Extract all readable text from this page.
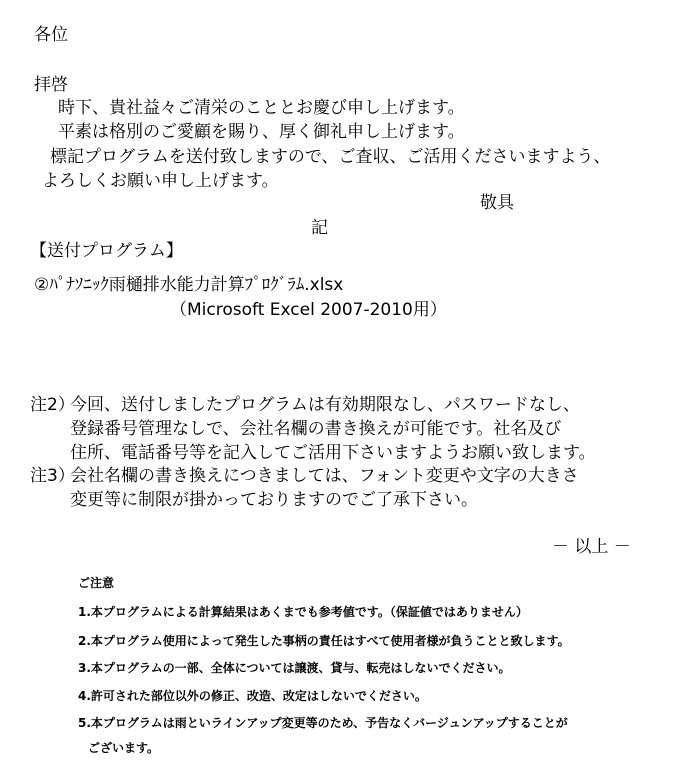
各位
拝啓
時下、貴社益々ご清栄のこととお慶び申し上げます。
平素は格別のご愛顧を賜り、厚く御礼申し上げます。
標記プログラムを送付致しますので、ご査収、ご活用くださいますよう、
よろしくお願い申し上げます。
敬具
記
【送付プログラム】
②ﾊﾟﾅｿﾆｯｸ雨樋排水能力計算ﾌﾟﾛｸﾞﾗﾑ.xlsx
（Microsoft Excel 2007-2010用）
注2）
今回、送付しましたプログラムは有効期限なし、パスワードなし、
登録番号管理なしで、会社名欄の書き換えが可能です。社名及び
住所、電話番号等を記入してご活用下さいますようお願い致します。
注3）
会社名欄の書き換えにつきましては、フォント変更や文字の大きさ
変更等に制限が掛かっておりますのでご了承下さい。
－ 以上 －
ご注意
1.本プログラムによる計算結果はあくまでも参考値です。（保証値ではありません）
2.本プログラム使用によって発生した事柄の責任はすべて使用者様が負うことと致します。
3.本プログラムの一部、全体については譲渡、貸与、転売はしないでください。
4.許可された部位以外の修正、改造、改定はしないでください。
5.本プログラムは雨といラインアップ変更等のため、予告なくバージュンアップすることが
ございます。
